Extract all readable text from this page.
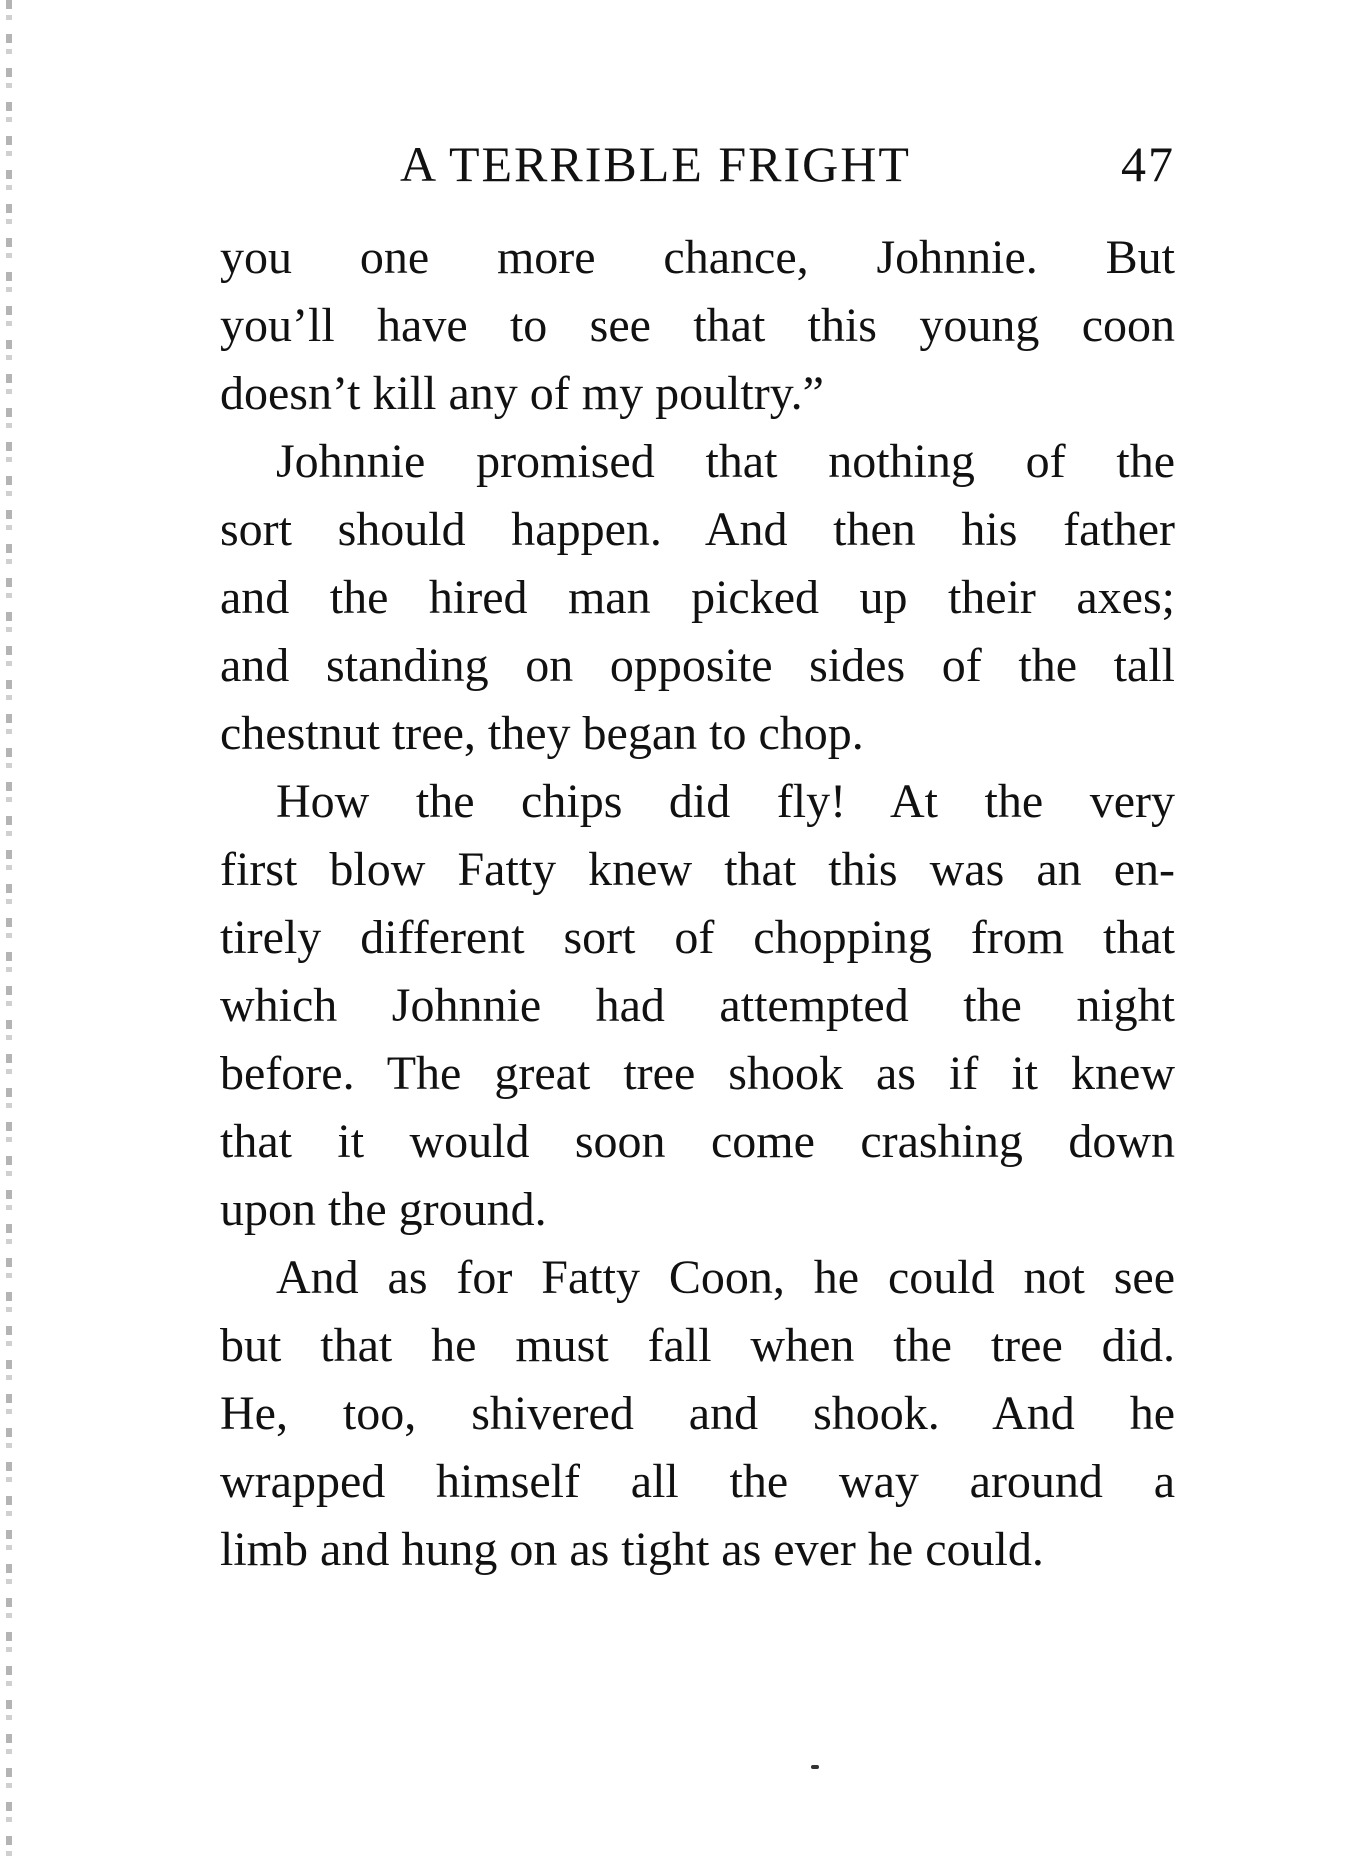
A TERRIBLE FRIGHT	47
you one more chance, Johnnie. But
you’ll have to see that this young coon
doesn’t kill any of my poultry.”
Johnnie promised that nothing of the
sort should happen. And then his father
and the hired man picked up their axes;
and standing on opposite sides of the tall
chestnut tree, they began to chop.
How the chips did fly! At the very
first blow Fatty knew that this was an en-
tirely different sort of chopping from that
which Johnnie had attempted the night
before. The great tree shook as if it knew
that it would soon come crashing down
upon the ground.
And as for Fatty Coon, he could not see
but that he must fall when the tree did.
He, too, shivered and shook. And he
wrapped himself all the way around a
limb and hung on as tight as ever he could.
